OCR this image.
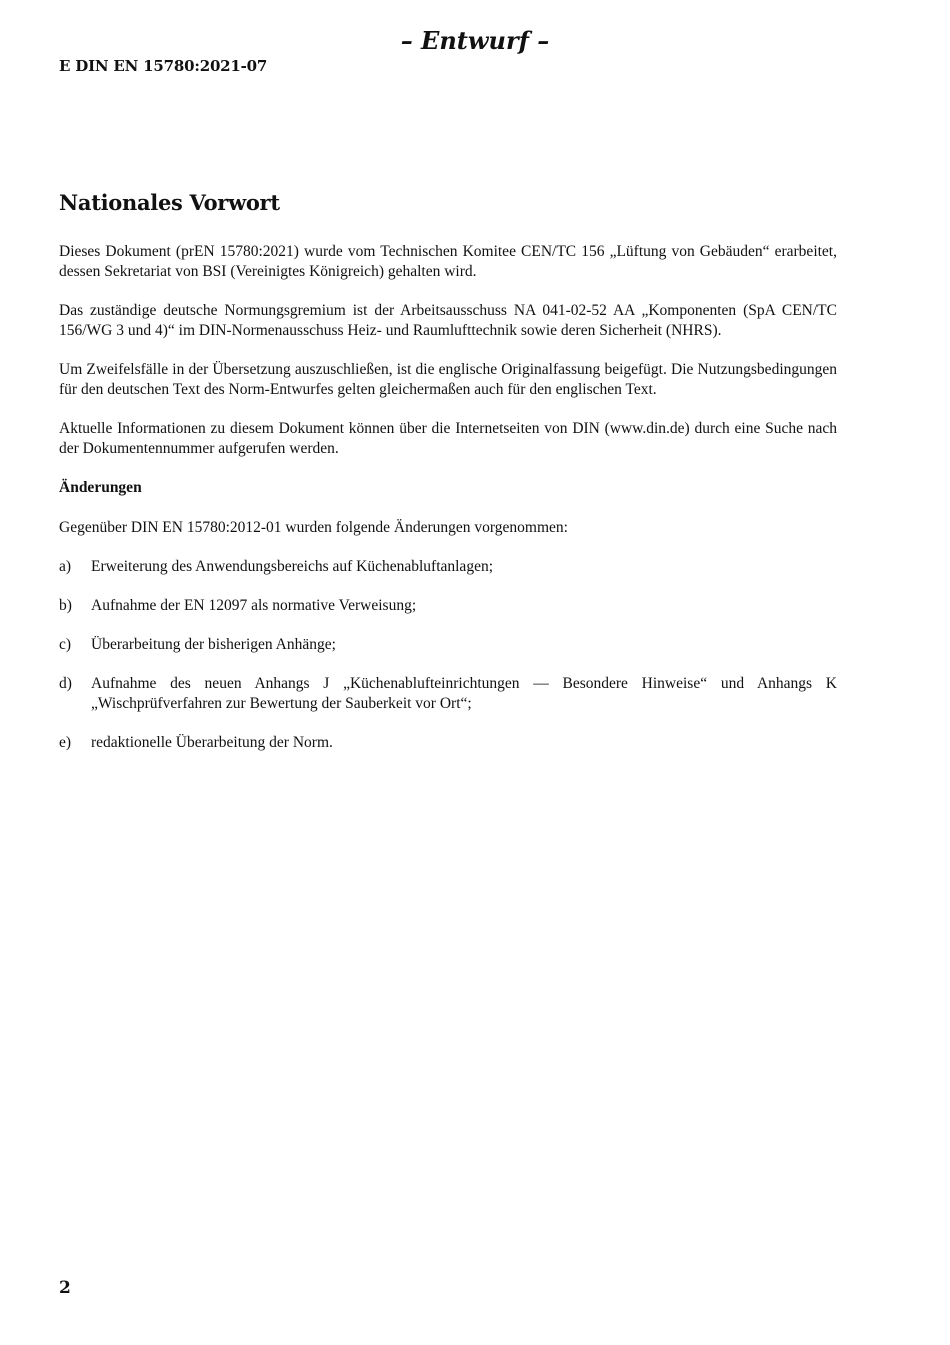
– Entwurf –
E DIN EN 15780:2021-07
Nationales Vorwort

Dieses Dokument (prEN 15780:2021) wurde vom Technischen Komitee CEN/TC 156 „Lüftung von Gebäuden“ erarbeitet, dessen Sekretariat von BSI (Vereinigtes Königreich) gehalten wird.

Das zuständige deutsche Normungsgremium ist der Arbeitsausschuss NA 041-02-52 AA „Komponenten (SpA CEN/TC 156/WG 3 und 4)“ im DIN-Normenausschuss Heiz- und Raumlufttechnik sowie deren Sicherheit (NHRS).

Um Zweifelsfälle in der Übersetzung auszuschließen, ist die englische Originalfassung beigefügt. Die Nutzungsbedingungen für den deutschen Text des Norm-Entwurfes gelten gleichermaßen auch für den englischen Text.

Aktuelle Informationen zu diesem Dokument können über die Internetseiten von DIN (www.din.de) durch eine Suche nach der Dokumentennummer aufgerufen werden.

Änderungen

Gegenüber DIN EN 15780:2012-01 wurden folgende Änderungen vorgenommen:

a)	Erweiterung des Anwendungsbereichs auf Küchenabluftanlagen;
b)	Aufnahme der EN 12097 als normative Verweisung;
c)	Überarbeitung der bisherigen Anhänge;
d)	Aufnahme des neuen Anhangs J „Küchenablufteinrichtungen — Besondere Hinweise“ und Anhangs K „Wischprüfverfahren zur Bewertung der Sauberkeit vor Ort“;
e)	redaktionelle Überarbeitung der Norm.
2
